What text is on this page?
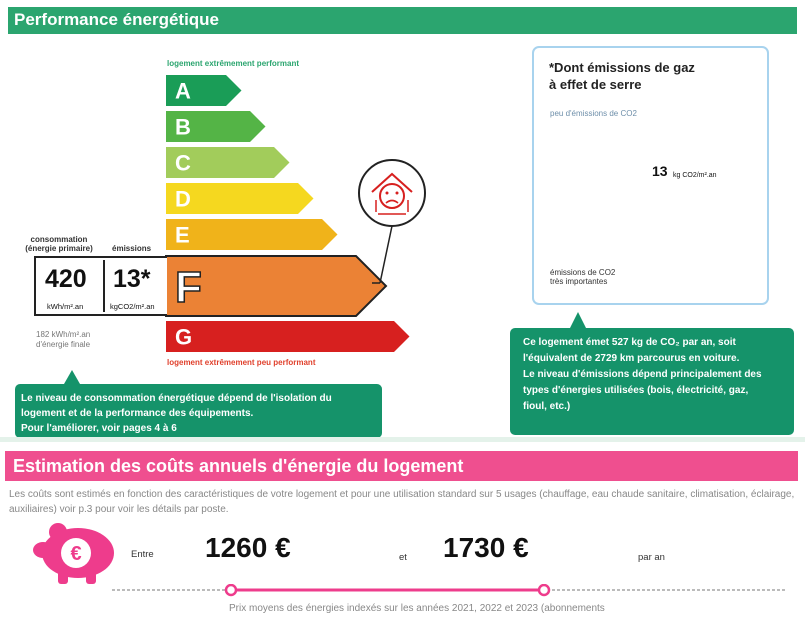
Performance énergétique
logement extrêmement performant
logement extrêmement peu performant
A
B
C
D
E
F
G
consommation (énergie primaire)	émissions
420
kWh/m².an
13*
kgCO2/m².an
182 kWh/m².an
d'énergie finale
*Dont émissions de gaz
à effet de serre
peu d'émissions de CO2
13 kg CO2/m².an
émissions de CO2
très importantes
Le niveau de consommation énergétique dépend de l'isolation du logement et de la performance des équipements.
Pour l'améliorer, voir pages 4 à 6
Ce logement émet 527 kg de CO₂ par an, soit
l'équivalent de 2729 km parcourus en voiture.
Le niveau d'émissions dépend principalement des
types d'énergies utilisées (bois, électricité, gaz,
fioul, etc.)
Estimation des coûts annuels d'énergie du logement
Les coûts sont estimés en fonction des caractéristiques de votre logement et pour une utilisation standard sur 5 usages (chauffage, eau chaude sanitaire, climatisation, éclairage, auxiliaires) voir p.3 pour voir les détails par poste.
€	Entre 1260 €	et 1730 €	par an
Prix moyens des énergies indexés sur les années 2021, 2022 et 2023 (abonnements
